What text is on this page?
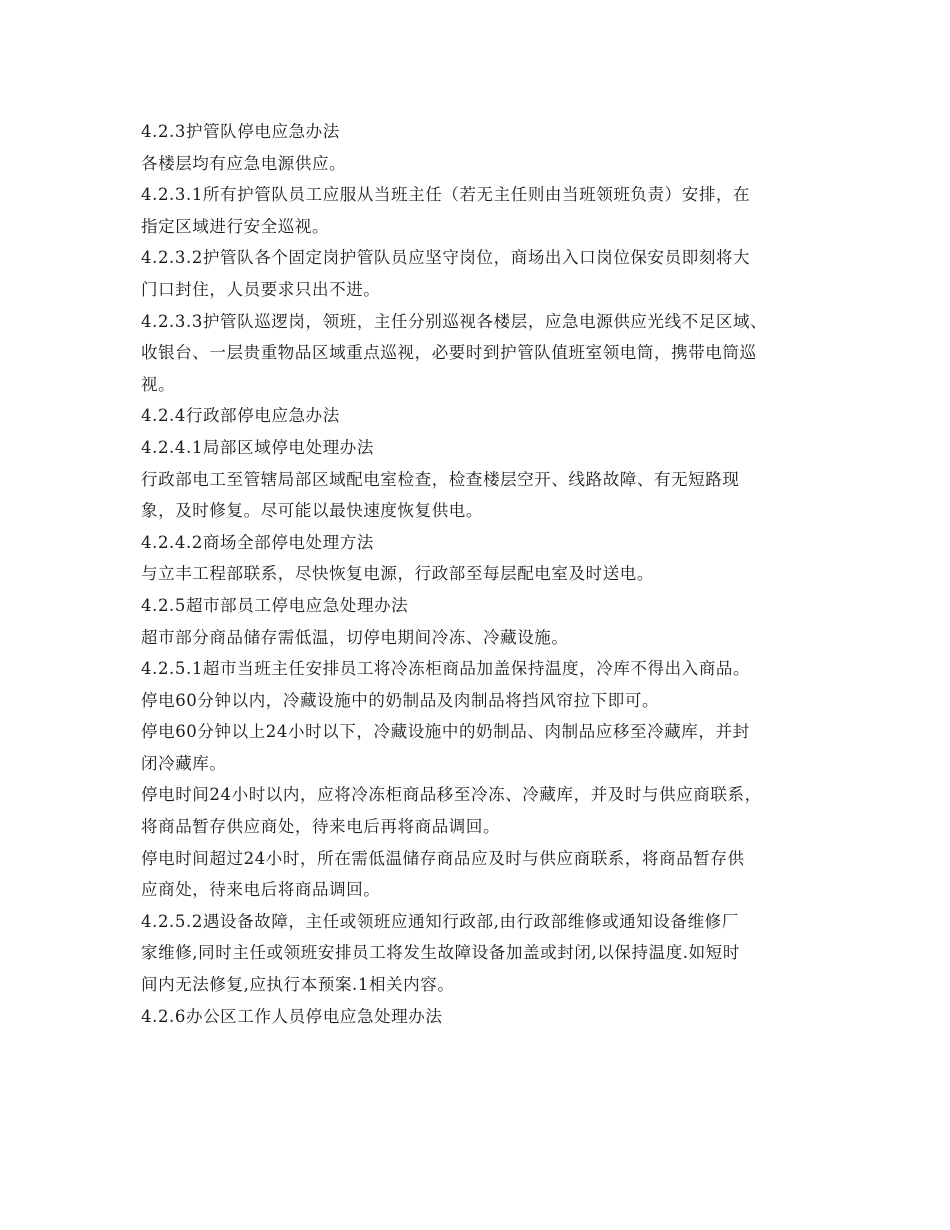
4.2.3护管队停电应急办法
各楼层均有应急电源供应。
4.2.3.1所有护管队员工应服从当班主任（若无主任则由当班领班负责）安排，在
指定区域进行安全巡视。
4.2.3.2护管队各个固定岗护管队员应坚守岗位，商场出入口岗位保安员即刻将大
门口封住，人员要求只出不进。
4.2.3.3护管队巡逻岗，领班，主任分别巡视各楼层，应急电源供应光线不足区域、
收银台、一层贵重物品区域重点巡视，必要时到护管队值班室领电筒，携带电筒巡
视。
4.2.4行政部停电应急办法
4.2.4.1局部区域停电处理办法
行政部电工至管辖局部区域配电室检查，检查楼层空开、线路故障、有无短路现
象，及时修复。尽可能以最快速度恢复供电。
4.2.4.2商场全部停电处理方法
与立丰工程部联系，尽快恢复电源，行政部至每层配电室及时送电。
4.2.5超市部员工停电应急处理办法
超市部分商品储存需低温，切停电期间冷冻、冷藏设施。
4.2.5.1超市当班主任安排员工将冷冻柜商品加盖保持温度，冷库不得出入商品。
停电60分钟以内，冷藏设施中的奶制品及肉制品将挡风帘拉下即可。
停电60分钟以上24小时以下，冷藏设施中的奶制品、肉制品应移至冷藏库，并封
闭冷藏库。
停电时间24小时以内，应将冷冻柜商品移至冷冻、冷藏库，并及时与供应商联系，
将商品暂存供应商处，待来电后再将商品调回。
停电时间超过24小时，所在需低温储存商品应及时与供应商联系，将商品暂存供
应商处，待来电后将商品调回。
4.2.5.2遇设备故障，主任或领班应通知行政部,由行政部维修或通知设备维修厂
家维修,同时主任或领班安排员工将发生故障设备加盖或封闭,以保持温度.如短时
间内无法修复,应执行本预案.1相关内容。
4.2.6办公区工作人员停电应急处理办法
